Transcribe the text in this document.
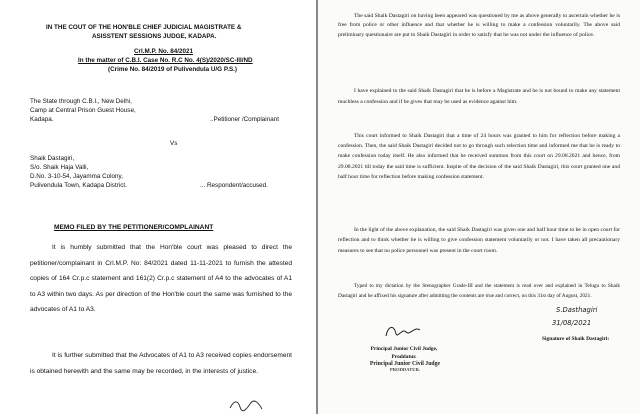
IN THE COUT OF THE HON'BLE CHIEF JUDICIAL MAGISTRATE &
ASISSTENT SESSIONS JUDGE, KADAPA.
Crl.M.P. No. 84/2021
In the matter of C.B.I. Case No. R.C No. 4(S)/2020/SC-III/ND
(Crime No. 84/2019 of Pulivendula U/G P.S.)
The State through C.B.I., New Delhi,
Camp at Central Prison Guest House,
Kadapa.	..Petitioner /Complainant
Vs
Shaik Dastagiri,
S/o. Shaik Haja Valli,
D.No. 3-10-54, Jayamma Colony,
Pulivendula Town, Kadapa District.	... Respondent/accused.
MEMO FILED BY THE PETITIONER/COMPLAINANT
It is humbly submitted that the Hon'ble court was pleased to direct the petitioner/complainant in Crl.M.P. No: 84/2021 dated 11-11-2021 to furnish the attested copies of 164 Cr.p.c statement and 161(2) Cr.p.c statement of A4 to the advocates of A1 to A3 within two days. As per direction of the Hon'ble court the same was furnished to the advocates of A1 to A3.
It is further submitted that the Advocates of A1 to A3 received copies endorsement is obtained herewith and the same may be recorded, in the interests of justice.
The said Shaik Dastagiri on having been appeared was questioned by me as above generally to ascertain whether he is free from police or other influence and that whether he is willing to make a confession voluntarily. The above said preliminary questionaire are put to Shaik Dastagiri in order to satisfy that he was not under the influence of police.
I have explained to the said Shaik Dastagiri that he is before a Magistrate and he is not bound to make any statement muchless a confession and if he gives that may be used as evidence against him.
This court informed to Shaik Dastagiri that a time of 24 hours was granted to him for reflection before making a confession. Then, the said Shaik Dastagiri decided not to go through such relection time and informed me that he is ready to make confession today itself. He also informed that he received summon from this court on 29.08.2021 and hence, from 29.08.2021 till today the said time is sufficient. Inspite of the decision of the said Shaik Dastagiri, this court granted one and half hour time for reflection before making confession statement.
In the light of the above explanation, the said Shaik Dastagiri was given one and half hour time to be in open court for reflection and to think whether he is willing to give confession statement voluntarily or not. I have taken all precautionary measures to see that no police personnel was present in the court room.
Typed to my dictation by the Stenographer Grade-III and the statement is read over and explained in Telugu to Shaik Dastagiri and he affixed his signature after admitting the contents are true and correct, on this 31st day of August, 2021.
S.Dasthagiri
31/08/2021
Signature of Shaik Dastagiri:
Principal Junior Civil Judge,
Proddatur.
Principal Junior Civil Judge
PRODDATUR.
